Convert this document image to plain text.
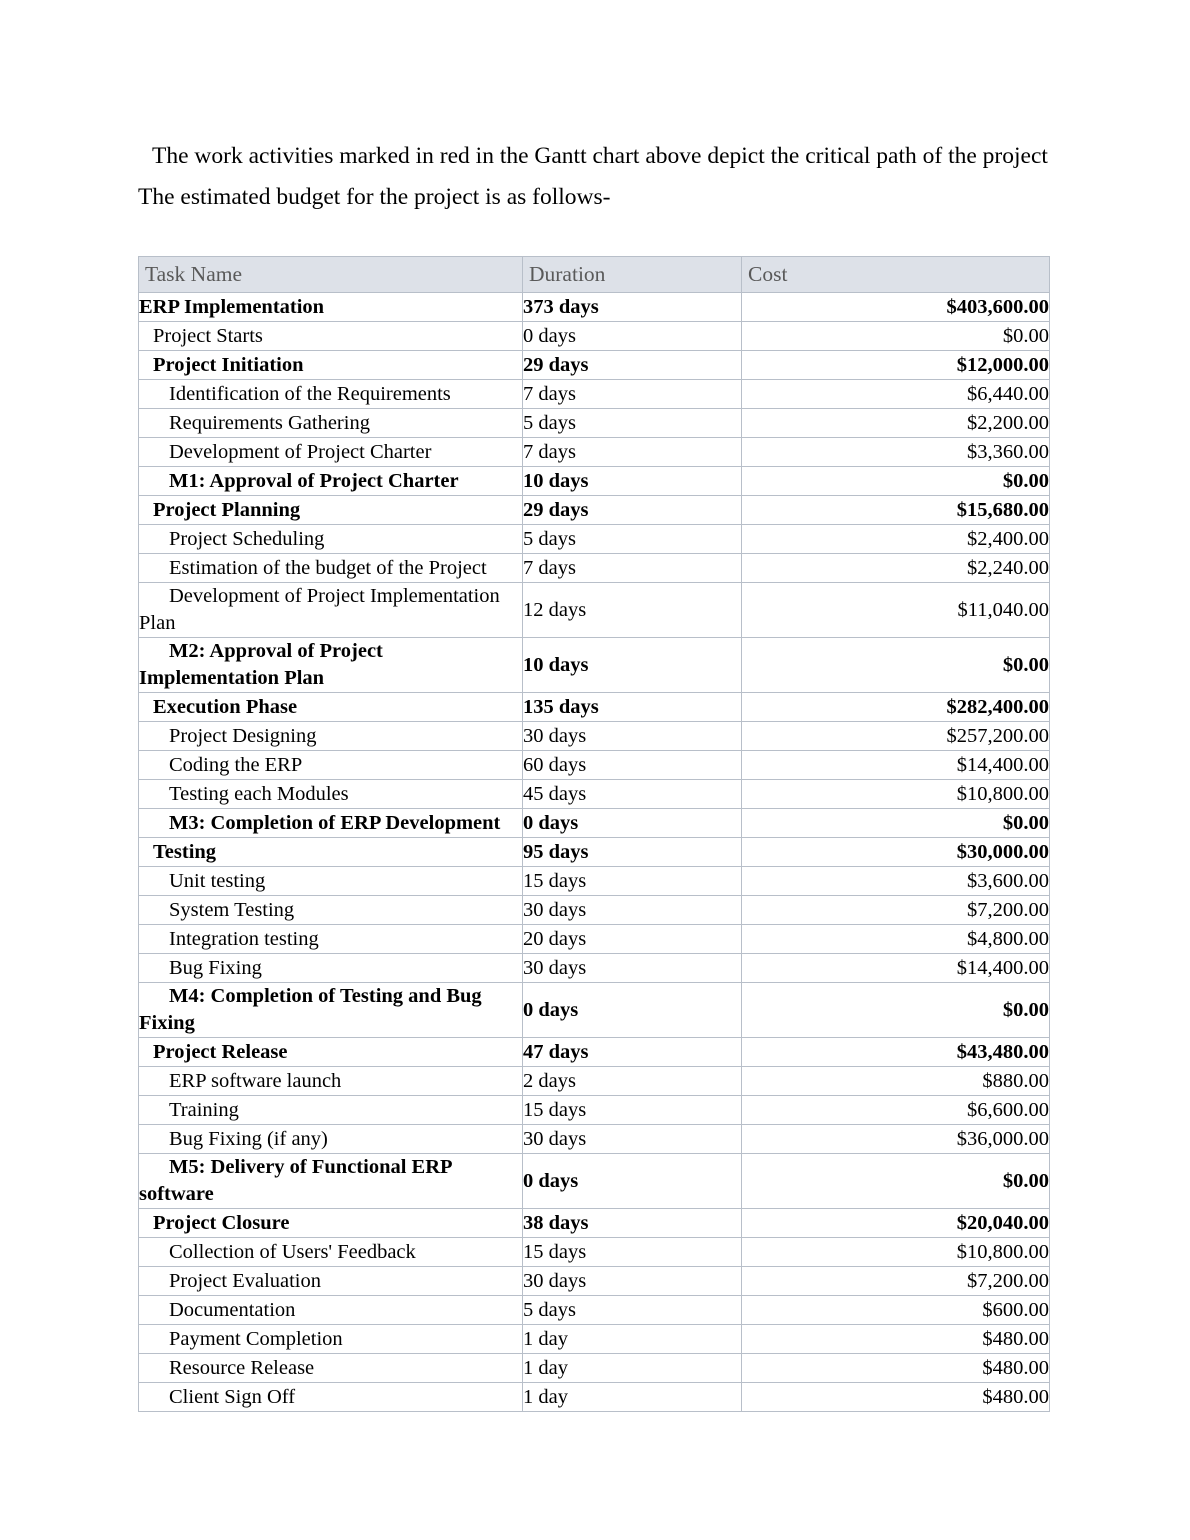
The work activities marked in red in the Gantt chart above depict the critical path of the project

The estimated budget for the project is as follows-

Task Name	Duration	Cost
ERP Implementation	373 days	$403,600.00
Project Starts	0 days	$0.00
Project Initiation	29 days	$12,000.00
Identification of the Requirements	7 days	$6,440.00
Requirements Gathering	5 days	$2,200.00
Development of Project Charter	7 days	$3,360.00
M1: Approval of Project Charter	10 days	$0.00
Project Planning	29 days	$15,680.00
Project Scheduling	5 days	$2,400.00
Estimation of the budget of the Project	7 days	$2,240.00
Development of Project Implementation Plan	12 days	$11,040.00
M2: Approval of Project Implementation Plan	10 days	$0.00
Execution Phase	135 days	$282,400.00
Project Designing	30 days	$257,200.00
Coding the ERP	60 days	$14,400.00
Testing each Modules	45 days	$10,800.00
M3: Completion of ERP Development	0 days	$0.00
Testing	95 days	$30,000.00
Unit testing	15 days	$3,600.00
System Testing	30 days	$7,200.00
Integration testing	20 days	$4,800.00
Bug Fixing	30 days	$14,400.00
M4: Completion of Testing and Bug Fixing	0 days	$0.00
Project Release	47 days	$43,480.00
ERP software launch	2 days	$880.00
Training	15 days	$6,600.00
Bug Fixing (if any)	30 days	$36,000.00
M5: Delivery of Functional ERP software	0 days	$0.00
Project Closure	38 days	$20,040.00
Collection of Users' Feedback	15 days	$10,800.00
Project Evaluation	30 days	$7,200.00
Documentation	5 days	$600.00
Payment Completion	1 day	$480.00
Resource Release	1 day	$480.00
Client Sign Off	1 day	$480.00
